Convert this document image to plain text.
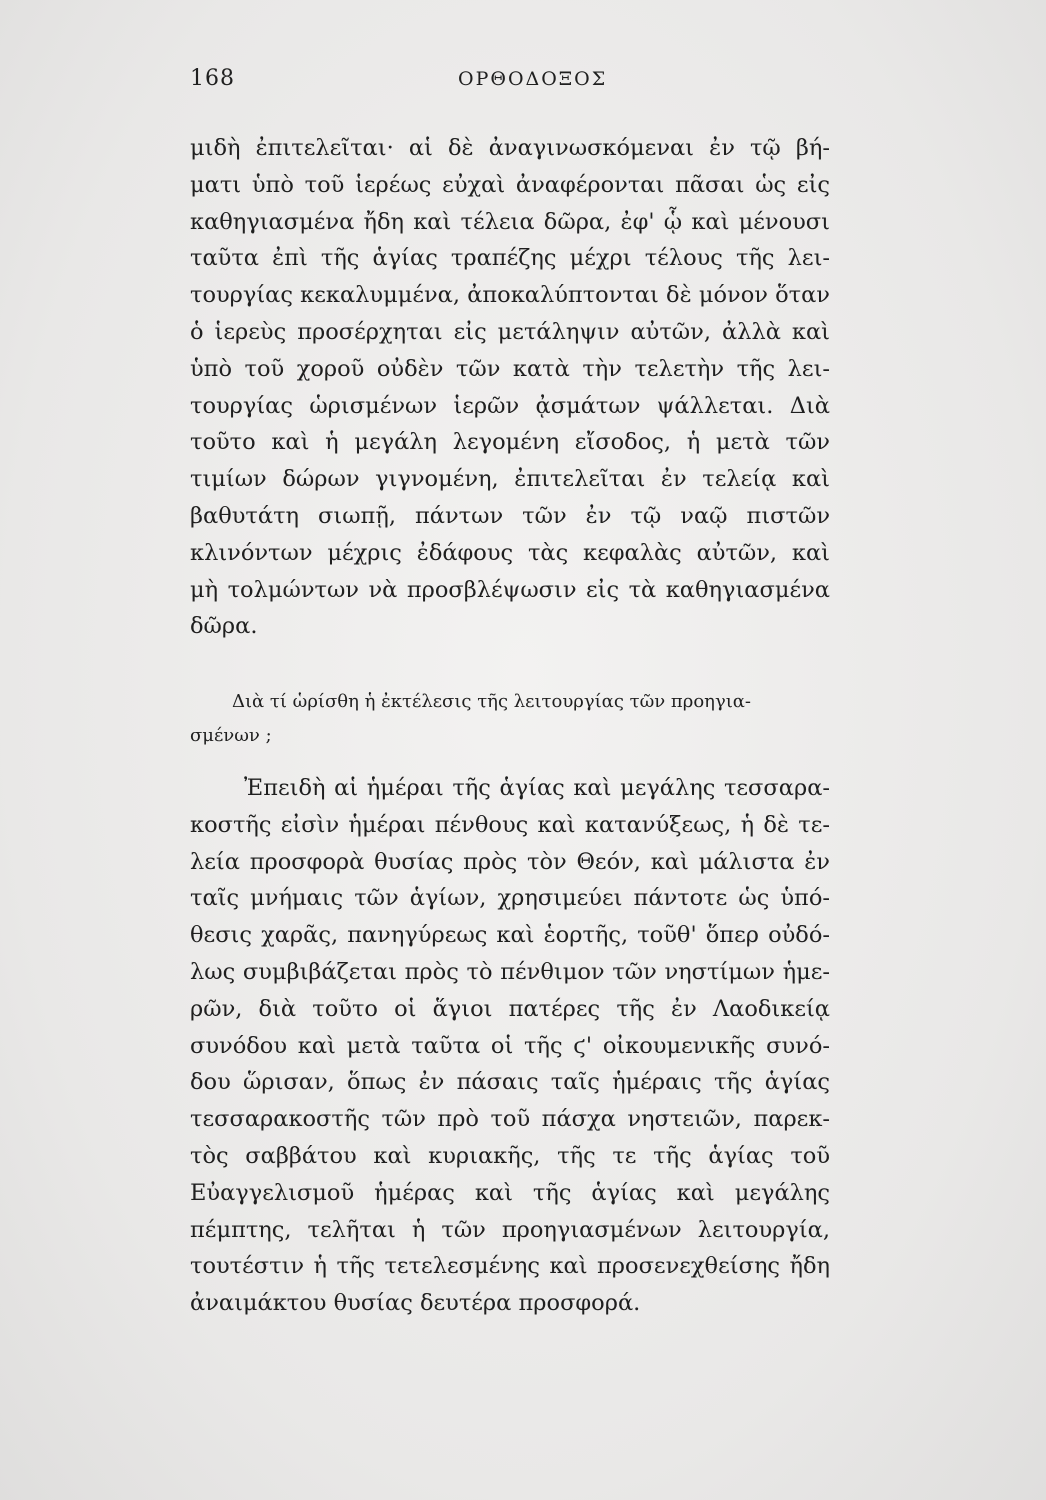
168	ΟΡΘΟΔΟΞΟΣ
μιδὴ ἐπιτελεῖται· αἱ δὲ ἀναγινωσκόμεναι ἐν τῷ βή-
ματι ὑπὸ τοῦ ἱερέως εὐχαὶ ἀναφέρονται πᾶσαι ὡς εἰς
καθηγιασμένα ἤδη καὶ τέλεια δῶρα, ἐφ' ᾧ καὶ μένουσι
ταῦτα ἐπὶ τῆς ἁγίας τραπέζης μέχρι τέλους τῆς λει-
τουργίας κεκαλυμμένα, ἀποκαλύπτονται δὲ μόνον ὅταν
ὁ ἱερεὺς προσέρχηται εἰς μετάληψιν αὐτῶν, ἀλλὰ καὶ
ὑπὸ τοῦ χοροῦ οὐδὲν τῶν κατὰ τὴν τελετὴν τῆς λει-
τουργίας ὡρισμένων ἱερῶν ᾀσμάτων ψάλλεται. Διὰ
τοῦτο καὶ ἡ μεγάλη λεγομένη εἴσοδος, ἡ μετὰ τῶν
τιμίων δώρων γιγνομένη, ἐπιτελεῖται ἐν τελείᾳ καὶ
βαθυτάτη σιωπῇ, πάντων τῶν ἐν τῷ ναῷ πιστῶν
κλινόντων μέχρις ἐδάφους τὰς κεφαλὰς αὐτῶν, καὶ
μὴ τολμώντων νὰ προσβλέψωσιν εἰς τὰ καθηγιασμένα
δῶρα.
Διὰ τί ὡρίσθη ἡ ἐκτέλεσις τῆς λειτουργίας τῶν προηγια-
σμένων ;
Ἐπειδὴ αἱ ἡμέραι τῆς ἁγίας καὶ μεγάλης τεσσαρα-
κοστῆς εἰσὶν ἡμέραι πένθους καὶ κατανύξεως, ἡ δὲ τε-
λεία προσφορὰ θυσίας πρὸς τὸν Θεόν, καὶ μάλιστα ἐν
ταῖς μνήμαις τῶν ἁγίων, χρησιμεύει πάντοτε ὡς ὑπό-
θεσις χαρᾶς, πανηγύρεως καὶ ἑορτῆς, τοῦθ' ὅπερ οὐδό-
λως συμβιβάζεται πρὸς τὸ πένθιμον τῶν νηστίμων ἡμε-
ρῶν, διὰ τοῦτο οἱ ἅγιοι πατέρες τῆς ἐν Λαοδικείᾳ
συνόδου καὶ μετὰ ταῦτα οἱ τῆς ϛ' οἰκουμενικῆς συνό-
δου ὥρισαν, ὅπως ἐν πάσαις ταῖς ἡμέραις τῆς ἁγίας
τεσσαρακοστῆς τῶν πρὸ τοῦ πάσχα νηστειῶν, παρεκ-
τὸς σαββάτου καὶ κυριακῆς, τῆς τε τῆς ἁγίας τοῦ
Εὐαγγελισμοῦ ἡμέρας καὶ τῆς ἁγίας καὶ μεγάλης
πέμπτης, τελῆται ἡ τῶν προηγιασμένων λειτουργία,
τουτέστιν ἡ τῆς τετελεσμένης καὶ προσενεχθείσης ἤδη
ἀναιμάκτου θυσίας δευτέρα προσφορά.
